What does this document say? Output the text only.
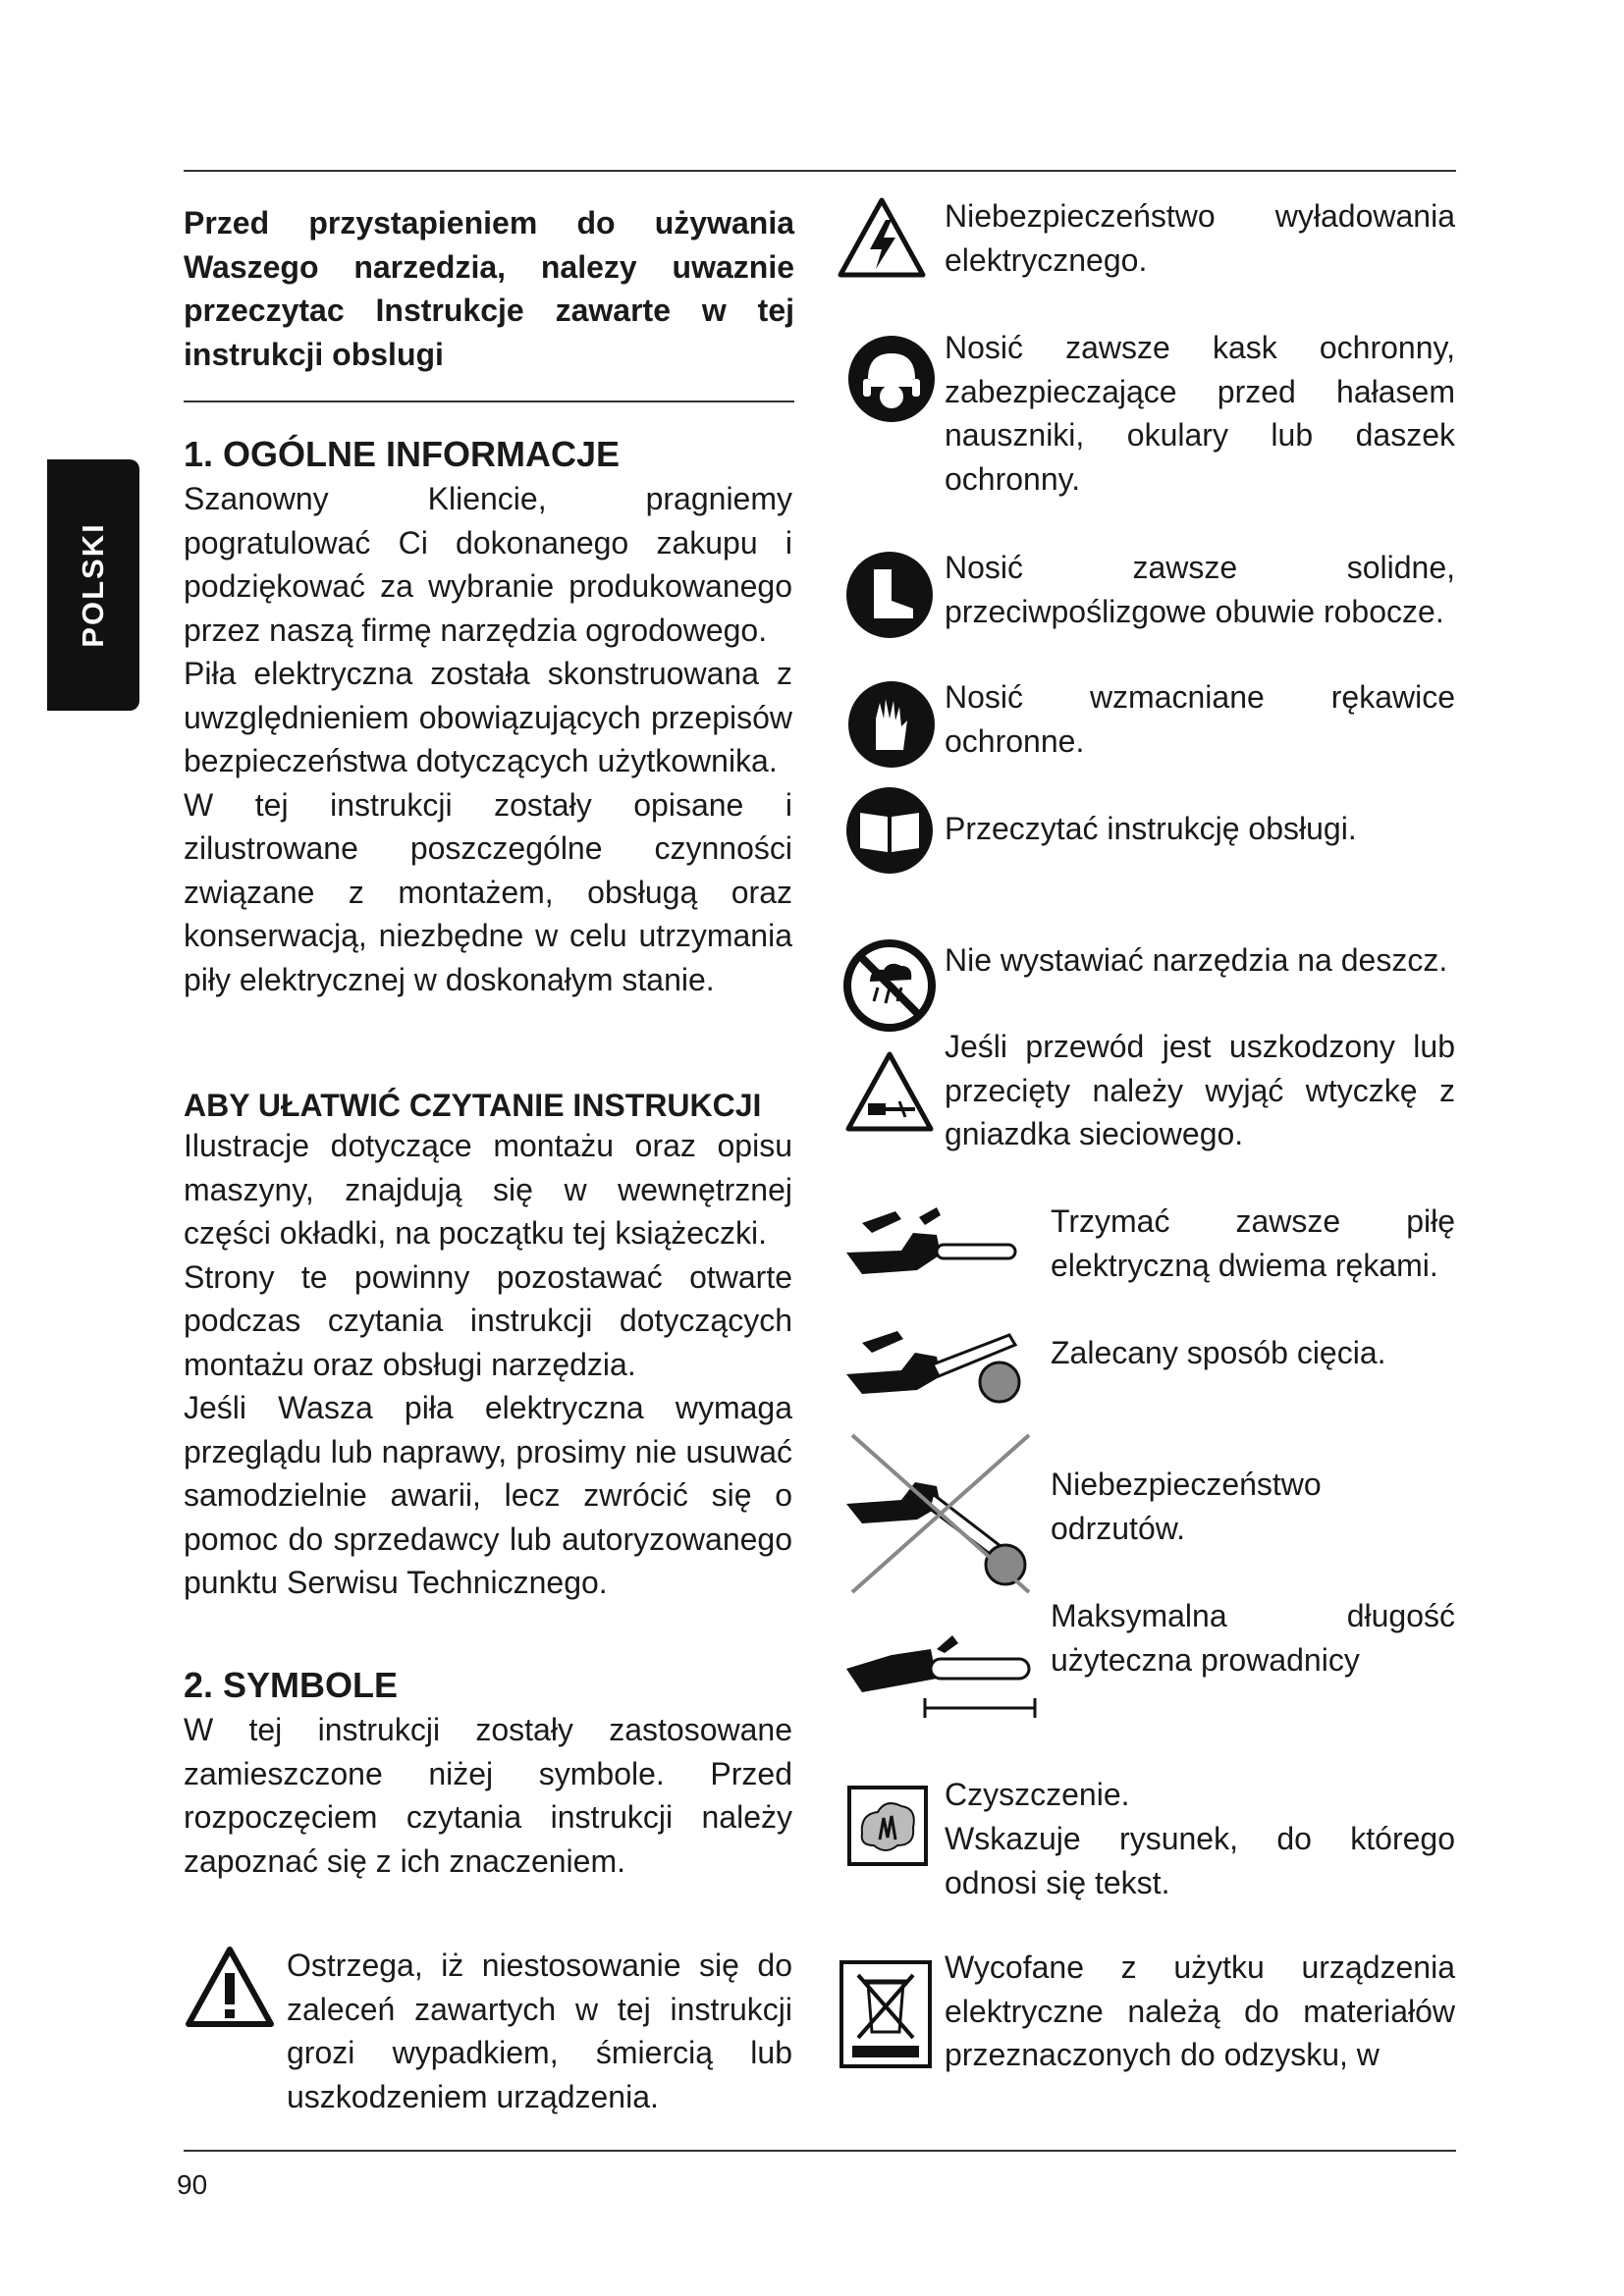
POLSKI
Przed przystapieniem do używania Waszego narzedzia, nalezy uwaznie przeczytac Instrukcje zawarte w tej instrukcji obslugi

1. OGÓLNE INFORMACJE

Szanowny Kliencie, pragniemy pogratulować Ci dokonanego zakupu i podziękować za wybranie produkowanego przez naszą firmę narzędzia ogrodowego.

Piła elektryczna została skonstruowana z uwzględnieniem obowiązujących przepisów bezpieczeństwa dotyczących użytkownika.

W tej instrukcji zostały opisane i zilustrowane poszczególne czynności związane z montażem, obsługą oraz konserwacją, niezbędne w celu utrzymania piły elektrycznej w doskonałym stanie.

ABY UŁATWIĆ CZYTANIE INSTRUKCJI

Ilustracje dotyczące montażu oraz opisu maszyny, znajdują się w wewnętrznej części okładki, na początku tej książeczki.

Strony te powinny pozostawać otwarte podczas czytania instrukcji dotyczących montażu oraz obsługi narzędzia.

Jeśli Wasza piła elektryczna wymaga przeglądu lub naprawy, prosimy nie usuwać samodzielnie awarii, lecz zwrócić się o pomoc do sprzedawcy lub autoryzowanego punktu Serwisu Technicznego.

2. SYMBOLE

W tej instrukcji zostały zastosowane zamieszczone niżej symbole. Przed rozpoczęciem czytania instrukcji należy zapoznać się z ich znaczeniem.

Ostrzega, iż niestosowanie się do zaleceń zawartych w tej instrukcji grozi wypadkiem, śmiercią lub uszkodzeniem urządzenia.
Niebezpieczeństwo wyładowania elektrycznego.
Nosić zawsze kask ochronny, zabezpieczające przed hałasem nauszniki, okulary lub daszek ochronny.
Nosić zawsze solidne, przeciwpoślizgowe obuwie robocze.
Nosić wzmacniane rękawice ochronne.
Przeczytać instrukcję obsługi.
Nie wystawiać narzędzia na deszcz.
Jeśli przewód jest uszkodzony lub przecięty należy wyjąć wtyczkę z gniazdka sieciowego.
Trzymać zawsze piłę elektryczną dwiema rękami.
Zalecany sposób cięcia.
Niebezpieczeństwo odrzutów.
Maksymalna długość użyteczna prowadnicy
Czyszczenie.
Wskazuje rysunek, do którego odnosi się tekst.
Wycofane z użytku urządzenia elektryczne należą do materiałów przeznaczonych do odzysku, w
90
